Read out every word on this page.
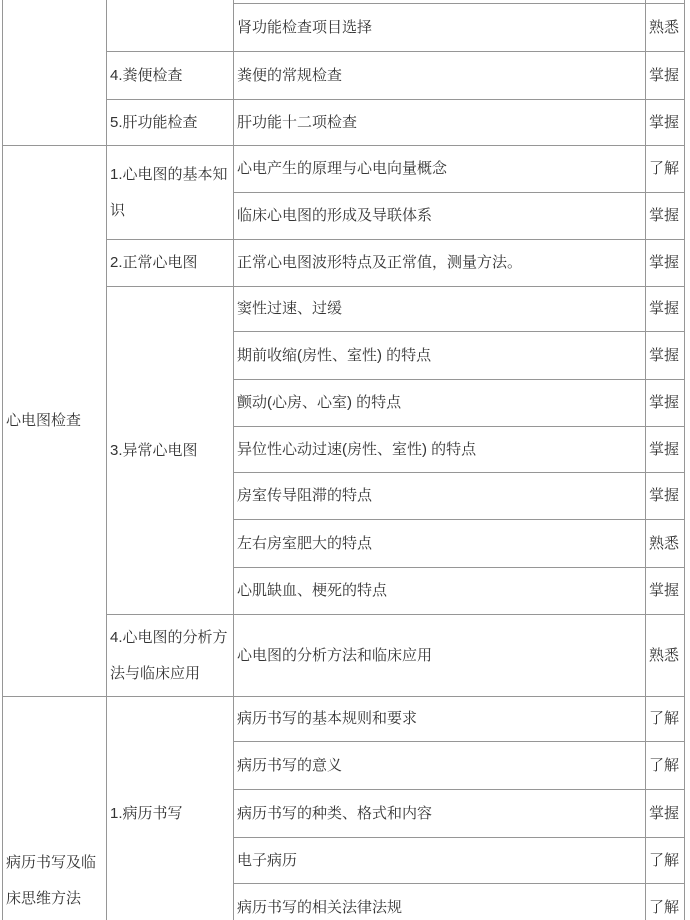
		肾功能检查项目选择	熟悉
	4.粪便检查	粪便的常规检查	掌握
	5.肝功能检查	肝功能十二项检查	掌握
心电图检查	1.心电图的基本知识	心电产生的原理与心电向量概念	了解
		临床心电图的形成及导联体系	掌握
	2.正常心电图	正常心电图波形特点及正常值，测量方法。	掌握
	3.异常心电图	窦性过速、过缓	掌握
		期前收缩(房性、室性) 的特点	掌握
		颤动(心房、心室) 的特点	掌握
		异位性心动过速(房性、室性) 的特点	掌握
		房室传导阻滞的特点	掌握
		左右房室肥大的特点	熟悉
		心肌缺血、梗死的特点	掌握
	4.心电图的分析方法与临床应用	心电图的分析方法和临床应用	熟悉
病历书写及临床思维方法	1.病历书写	病历书写的基本规则和要求	了解
		病历书写的意义	了解
		病历书写的种类、格式和内容	掌握
		电子病历	了解
		病历书写的相关法律法规	了解
